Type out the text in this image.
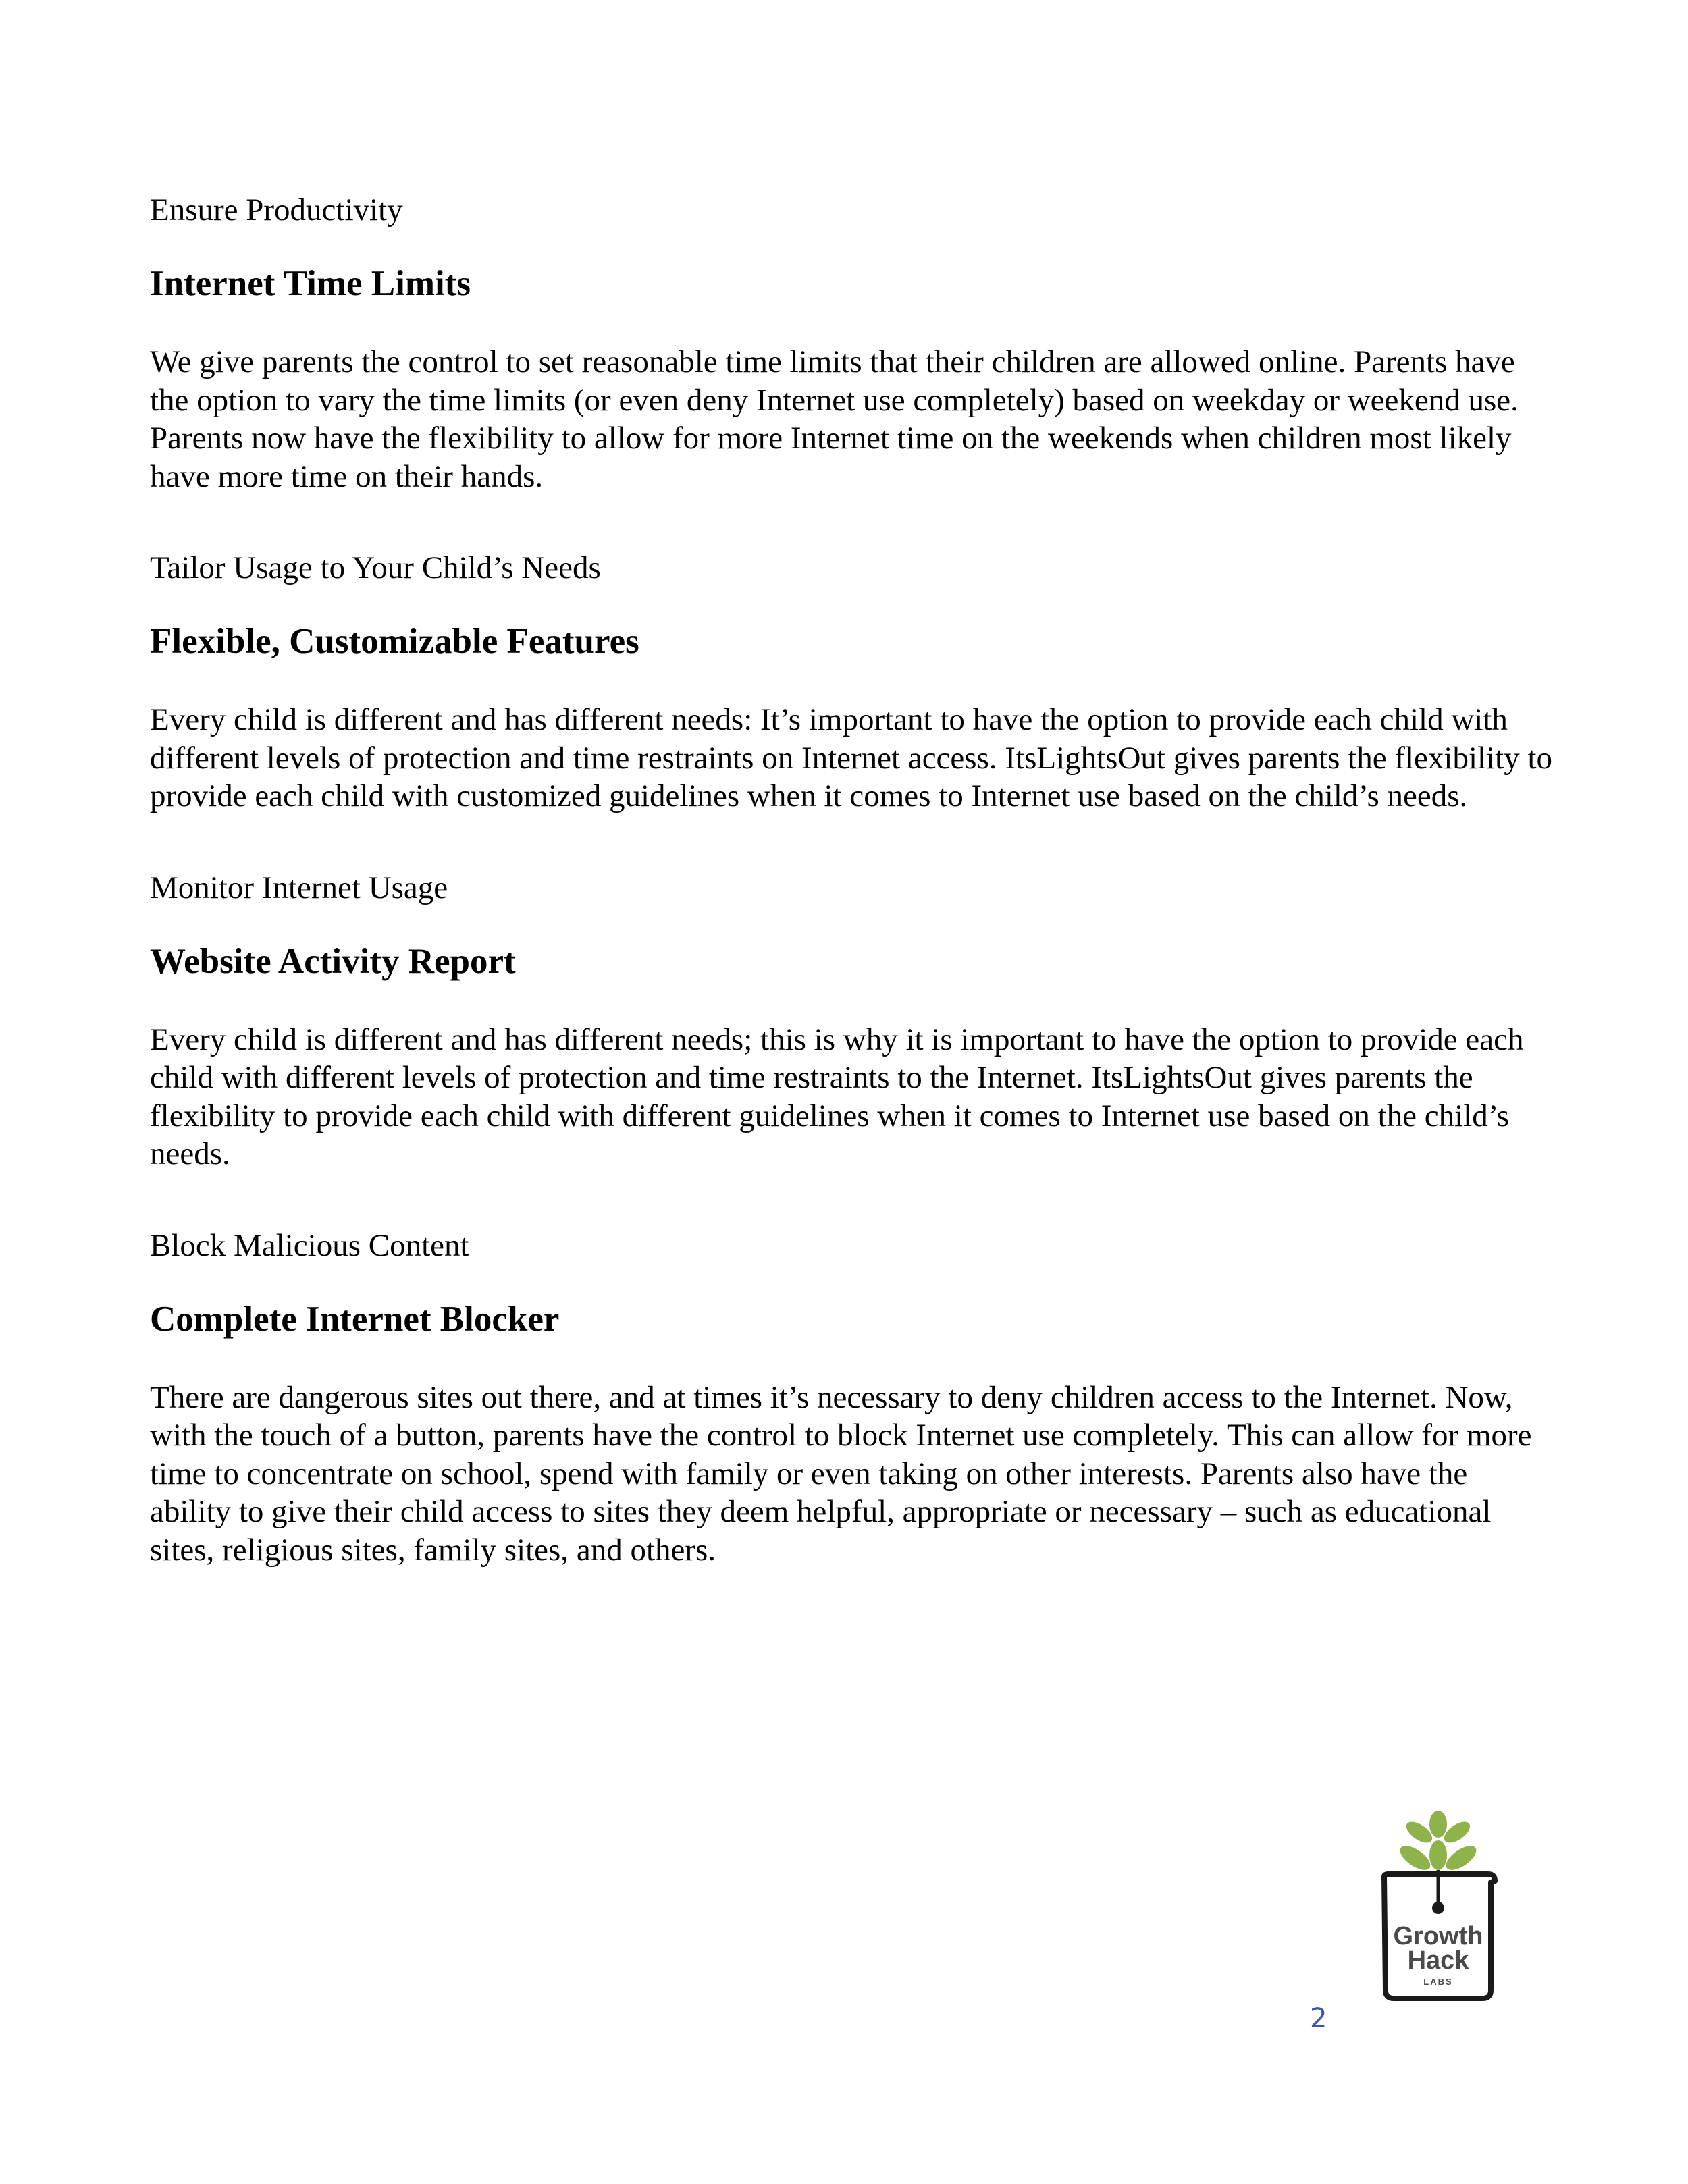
Ensure Productivity

Internet Time Limits

We give parents the control to set reasonable time limits that their children are allowed online. Parents have the option to vary the time limits (or even deny Internet use completely) based on weekday or weekend use. Parents now have the flexibility to allow for more Internet time on the weekends when children most likely have more time on their hands.

Tailor Usage to Your Child’s Needs

Flexible, Customizable Features

Every child is different and has different needs: It’s important to have the option to provide each child with different levels of protection and time restraints on Internet access. ItsLightsOut gives parents the flexibility to provide each child with customized guidelines when it comes to Internet use based on the child’s needs.

Monitor Internet Usage

Website Activity Report

Every child is different and has different needs; this is why it is important to have the option to provide each child with different levels of protection and time restraints to the Internet. ItsLightsOut gives parents the flexibility to provide each child with different guidelines when it comes to Internet use based on the child’s needs.

Block Malicious Content

Complete Internet Blocker

There are dangerous sites out there, and at times it’s necessary to deny children access to the Internet. Now, with the touch of a button, parents have the control to block Internet use completely. This can allow for more time to concentrate on school, spend with family or even taking on other interests. Parents also have the ability to give their child access to sites they deem helpful, appropriate or necessary – such as educational sites, religious sites, family sites, and others.

Growth
Hack
LABS
2
